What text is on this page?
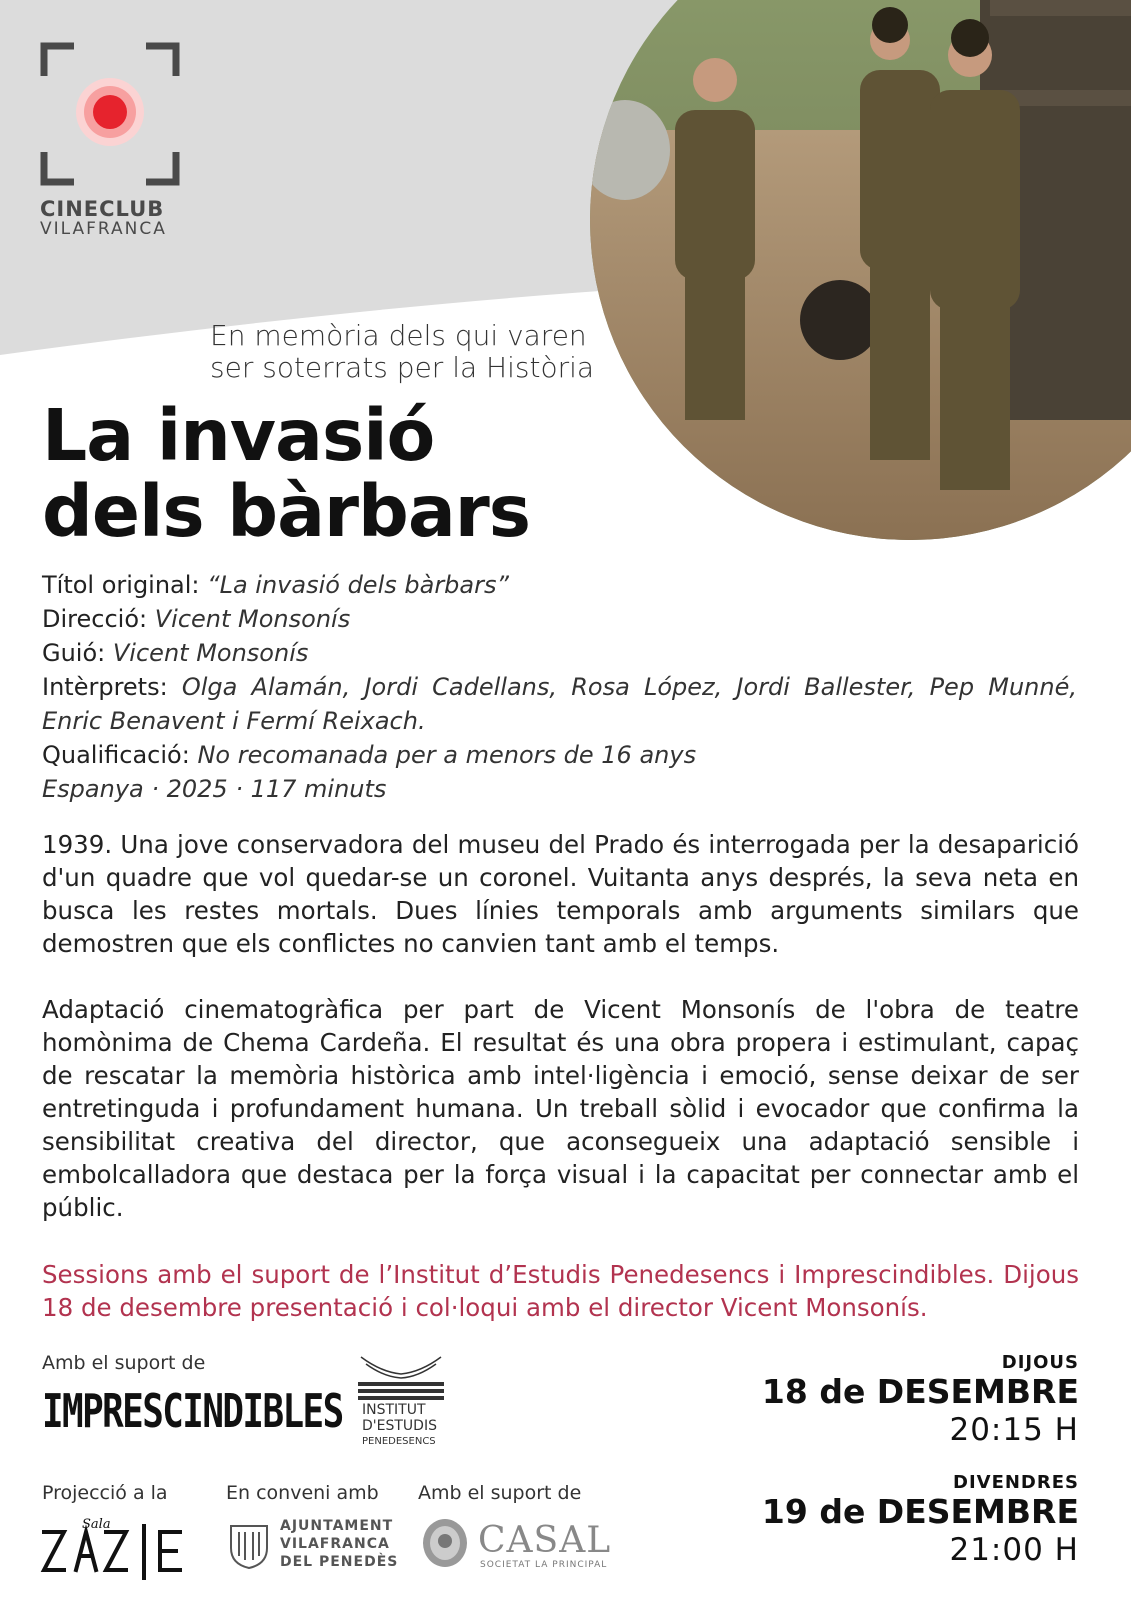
CINECLUB
VILAFRANCA
En memòria dels qui varen ser soterrats per la Història
La invasió
dels bàrbars
Títol original: “La invasió dels bàrbars”
Direcció: Vicent Monsonís
Guió: Vicent Monsonís
Intèrprets: Olga Alamán, Jordi Cadellans, Rosa López, Jordi Ballester, Pep Munné, Enric Benavent i Fermí Reixach.
Qualificació: No recomanada per a menors de 16 anys
Espanya · 2025 · 117 minuts

1939. Una jove conservadora del museu del Prado és interrogada per la desaparició d'un quadre que vol quedar-se un coronel. Vuitanta anys després, la seva neta en busca les restes mortals. Dues línies temporals amb arguments similars que demostren que els conflictes no canvien tant amb el temps.

Adaptació cinematogràfica per part de Vicent Monsonís de l'obra de teatre homònima de Chema Cardeña. El resultat és una obra propera i estimulant, capaç de rescatar la memòria històrica amb intel·ligència i emoció, sense deixar de ser entretinguda i profundament humana. Un treball sòlid i evocador que confirma la sensibilitat creativa del director, que aconsegueix una adaptació sensible i embolcalladora que destaca per la força visual i la capacitat per connectar amb el públic.

Sessions amb el suport de l’Institut d’Estudis Penedesencs i Imprescindibles. Dijous 18 de desembre presentació i col·loqui amb el director Vicent Monsonís.
Amb el suport de
IMPRESCINDIBLES INSTITUT
D'ESTUDIS
PENEDESENCS
Projecció a la	En conveni amb Amb el suport de
Sala	AJUNTAMENT
VILAFRANCA
DEL PENEDÈS
CASAL
SOCIETAT LA PRINCIPAL
DIJOUS
18 de DESEMBRE
20:15 H
DIVENDRES
19 de DESEMBRE
21:00 H
